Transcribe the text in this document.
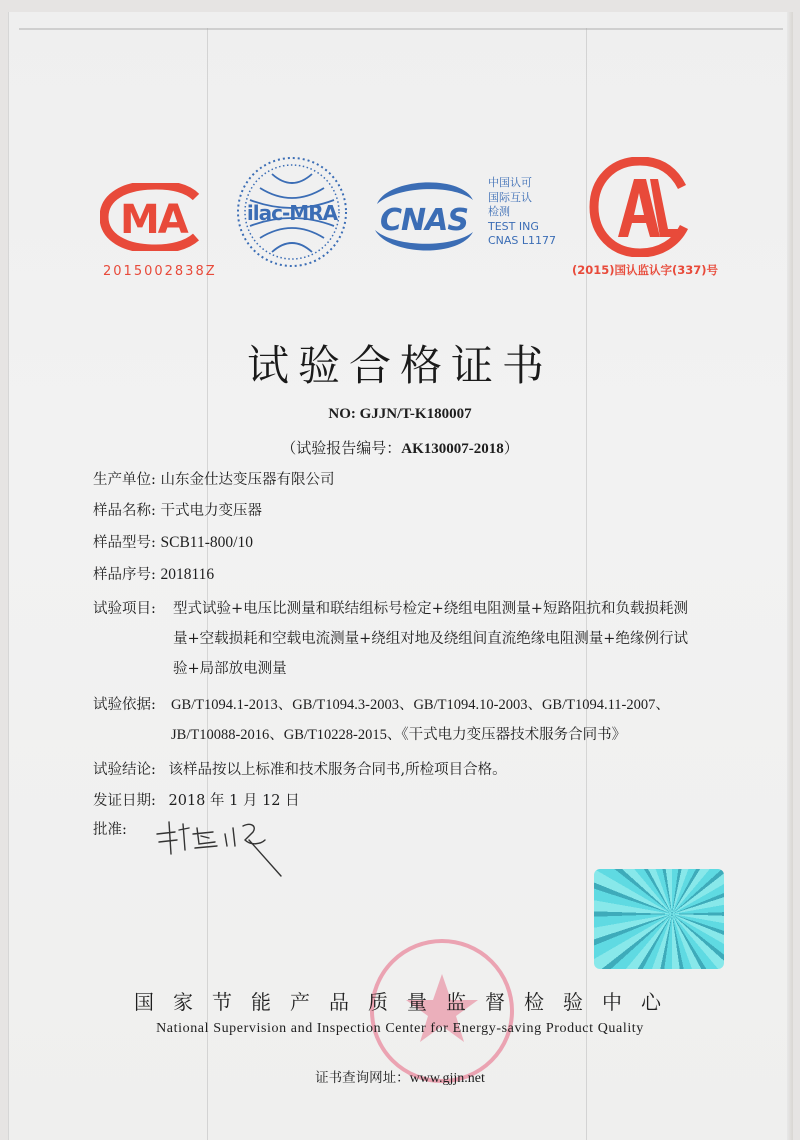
MA
2015002838Z
ilac-MRA CNAS
中国认可
国际互认
检测
TEST ING
CNAS L1177
(2015)国认监认字(337)号
试验合格证书
NO: GJJN/T-K180007
（试验报告编号：AK130007-2018）
生产单位: 山东金仕达变压器有限公司
样品名称: 干式电力变压器
样品型号: SCB11-800/10
样品序号: 2018116
试验项目: 型式试验+电压比测量和联结组标号检定+绕组电阻测量+短路阻抗和负载损耗测
量+空载损耗和空载电流测量+绕组对地及绕组间直流绝缘电阻测量+绝缘例行试
验+局部放电测量
试验依据: GB/T1094.1-2013、GB/T1094.3-2003、GB/T1094.10-2003、GB/T1094.11-2007、
JB/T10088-2016、GB/T10228-2015、《干式电力变压器技术服务合同书》
试验结论: 该样品按以上标准和技术服务合同书,所检项目合格。
发证日期: 2018 年 1 月 12 日
批准:
国家节能产品质量监督检验中心
National Supervision and Inspection Center for Energy-saving Product Quality
证书查询网址：www.gjjn.net
